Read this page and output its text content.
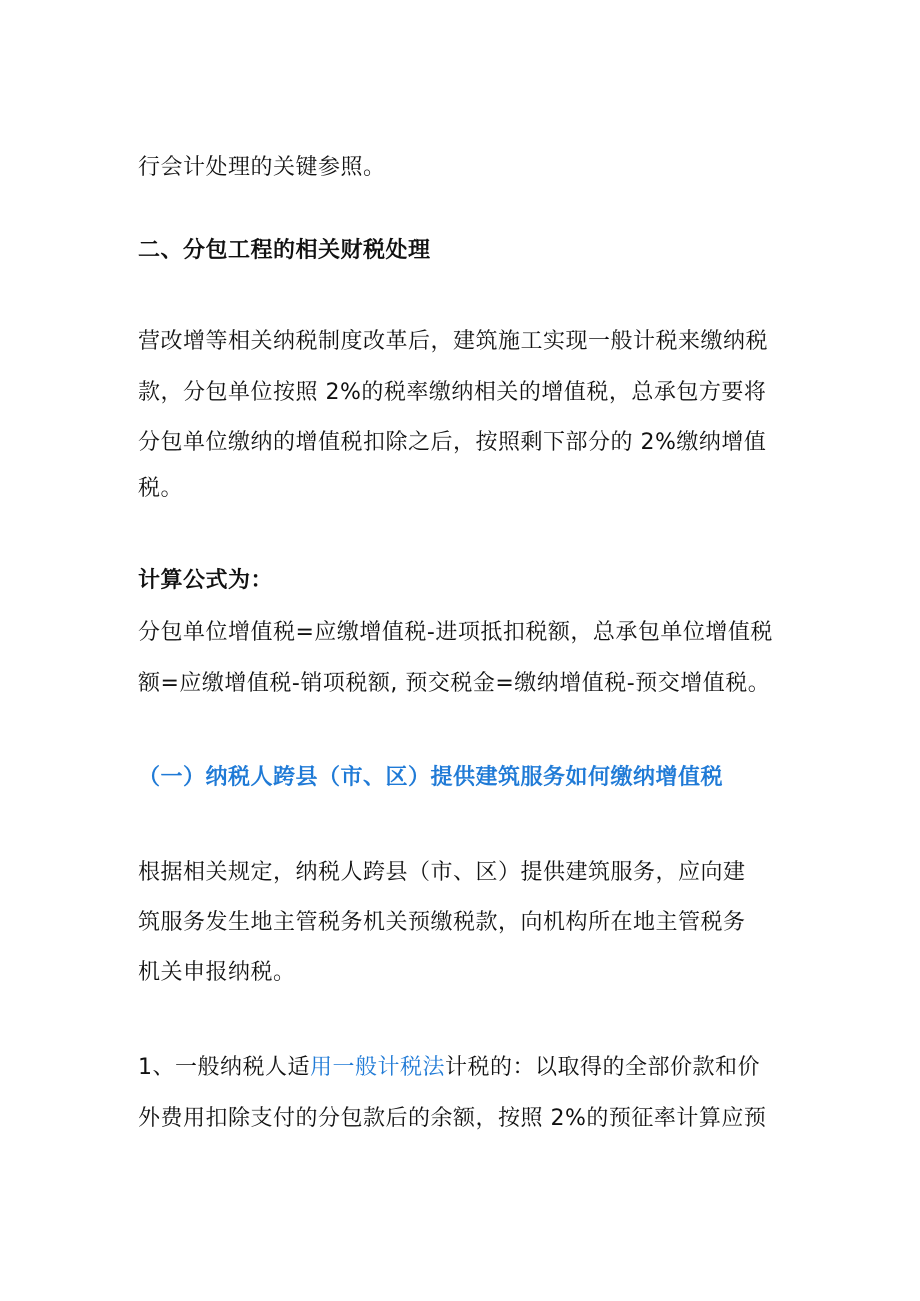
行会计处理的关键参照。
二、分包工程的相关财税处理
营改增等相关纳税制度改革后，建筑施工实现一般计税来缴纳税
款，分包单位按照 2%的税率缴纳相关的增值税，总承包方要将
分包单位缴纳的增值税扣除之后，按照剩下部分的 2%缴纳增值
税。
计算公式为：
分包单位增值税=应缴增值税-进项抵扣税额，总承包单位增值税
额=应缴增值税-销项税额, 预交税金=缴纳增值税-预交增值税。
（一）纳税人跨县（市、区）提供建筑服务如何缴纳增值税
根据相关规定，纳税人跨县（市、区）提供建筑服务，应向建
筑服务发生地主管税务机关预缴税款，向机构所在地主管税务
机关申报纳税。
1、一般纳税人适用一般计税法计税的：以取得的全部价款和价
外费用扣除支付的分包款后的余额，按照 2%的预征率计算应预
